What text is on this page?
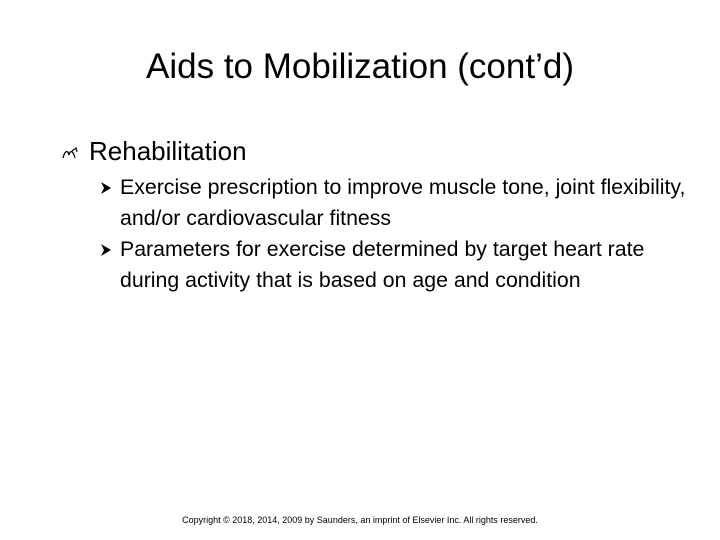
Aids to Mobilization (cont’d)
Rehabilitation
Exercise prescription to improve muscle tone, joint flexibility, and/or cardiovascular fitness
Parameters for exercise determined by target heart rate during activity that is based on age and condition
Copyright © 2018, 2014, 2009 by Saunders, an imprint of Elsevier Inc. All rights reserved.
